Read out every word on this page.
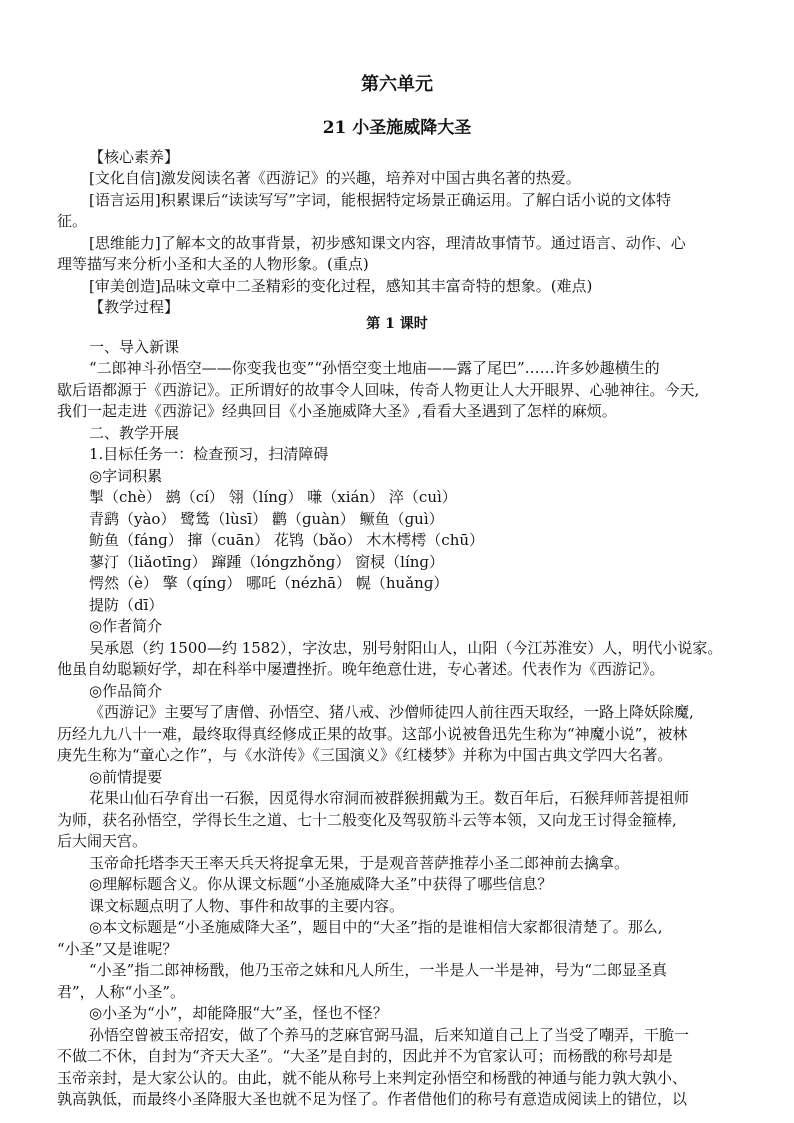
第六单元
21 小圣施威降大圣
【核心素养】
[文化自信]激发阅读名著《西游记》的兴趣，培养对中国古典名著的热爱。
[语言运用]积累课后“读读写写”字词，能根据特定场景正确运用。了解白话小说的文体特
征。
[思维能力]了解本文的故事背景，初步感知课文内容，理清故事情节。通过语言、动作、心
理等描写来分析小圣和大圣的人物形象。(重点)
[审美创造]品味文章中二圣精彩的变化过程，感知其丰富奇特的想象。(难点)
【教学过程】
第 1 课时
一、导入新课
“二郎神斗孙悟空——你变我也变”“孙悟空变土地庙——露了尾巴”……许多妙趣横生的
歇后语都源于《西游记》。正所谓好的故事令人回味，传奇人物更让人大开眼界、心驰神往。今天,
我们一起走进《西游记》经典回目《小圣施威降大圣》,看看大圣遇到了怎样的麻烦。
二、教学开展
1.目标任务一：检查预习，扫清障碍
◎字词积累
掣（chè） 鹚（cí） 翎（línɡ） 嗛（xián） 淬（cuì）
青鹞（yào） 鹭鸶（lùsī） 鹳（ɡuàn） 鳜鱼（ɡuì）
鲂鱼（fánɡ） 撺（cuān） 花鸨（bǎo） 木木樗樗（chū）
蓼汀（liǎotīnɡ） 蹿踵（lónɡzhǒnɡ） 窗棂（línɡ）
愕然（è） 擎（qínɡ） 哪吒（nézhā） 幌（huǎnɡ）
提防（dī）
◎作者简介
吴承恩（约 1500—约 1582），字汝忠，别号射阳山人，山阳（今江苏淮安）人，明代小说家。
他虽自幼聪颖好学，却在科举中屡遭挫折。晚年绝意仕进，专心著述。代表作为《西游记》。
◎作品简介
《西游记》主要写了唐僧、孙悟空、猪八戒、沙僧师徒四人前往西天取经，一路上降妖除魔,
历经九九八十一难，最终取得真经修成正果的故事。这部小说被鲁迅先生称为“神魔小说”，被林
庚先生称为“童心之作”，与《水浒传》《三国演义》《红楼梦》并称为中国古典文学四大名著。
◎前情提要
花果山仙石孕育出一石猴，因觅得水帘洞而被群猴拥戴为王。数百年后，石猴拜师菩提祖师
为师，获名孙悟空，学得长生之道、七十二般变化及驾驭筋斗云等本领，又向龙王讨得金箍棒,
后大闹天宫。
玉帝命托塔李天王率天兵天将捉拿无果，于是观音菩萨推荐小圣二郎神前去擒拿。
◎理解标题含义。你从课文标题“小圣施威降大圣”中获得了哪些信息？
课文标题点明了人物、事件和故事的主要内容。
◎本文标题是“小圣施威降大圣”，题目中的“大圣”指的是谁相信大家都很清楚了。那么,
“小圣”又是谁呢？
“小圣”指二郎神杨戬，他乃玉帝之妹和凡人所生，一半是人一半是神，号为“二郎显圣真
君”，人称“小圣”。
◎小圣为“小”，却能降服“大”圣，怪也不怪？
孙悟空曾被玉帝招安，做了个养马的芝麻官弼马温，后来知道自己上了当受了嘲弄，干脆一
不做二不休，自封为“齐天大圣”。“大圣”是自封的，因此并不为官家认可；而杨戬的称号却是
玉帝亲封，是大家公认的。由此，就不能从称号上来判定孙悟空和杨戬的神通与能力孰大孰小、
孰高孰低，而最终小圣降服大圣也就不足为怪了。作者借他们的称号有意造成阅读上的错位，以
